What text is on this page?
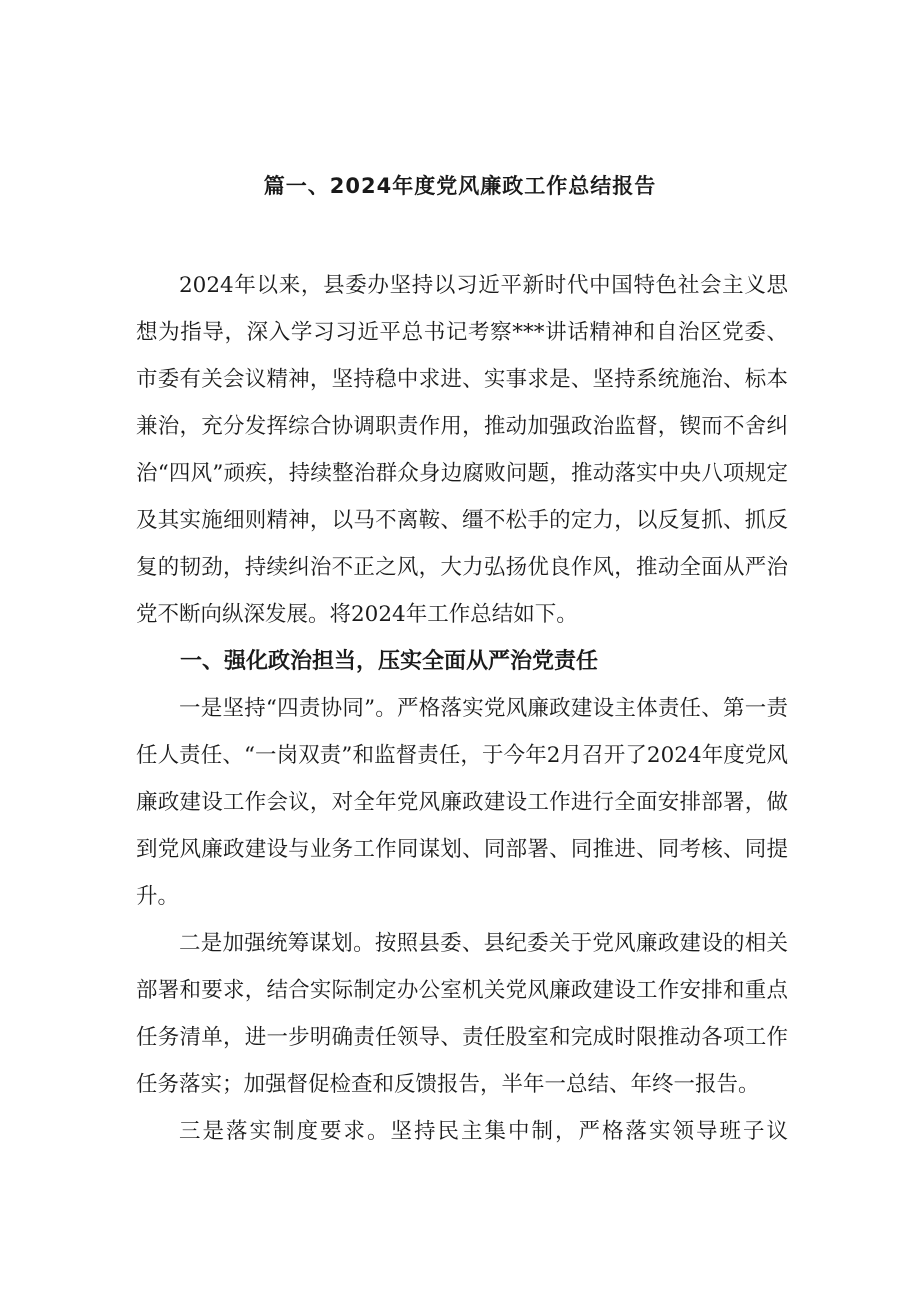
篇一、2024年度党风廉政工作总结报告

2024年以来，县委办坚持以习近平新时代中国特色社会主义思想为指导，深入学习习近平总书记考察***讲话精神和自治区党委、市委有关会议精神，坚持稳中求进、实事求是、坚持系统施治、标本兼治，充分发挥综合协调职责作用，推动加强政治监督，锲而不舍纠治“四风”顽疾，持续整治群众身边腐败问题，推动落实中央八项规定及其实施细则精神，以马不离鞍、缰不松手的定力，以反复抓、抓反复的韧劲，持续纠治不正之风，大力弘扬优良作风，推动全面从严治党不断向纵深发展。将2024年工作总结如下。

一、强化政治担当，压实全面从严治党责任

一是坚持“四责协同”。严格落实党风廉政建设主体责任、第一责任人责任、“一岗双责”和监督责任，于今年2月召开了2024年度党风廉政建设工作会议，对全年党风廉政建设工作进行全面安排部署，做到党风廉政建设与业务工作同谋划、同部署、同推进、同考核、同提升。

二是加强统筹谋划。按照县委、县纪委关于党风廉政建设的相关部署和要求，结合实际制定办公室机关党风廉政建设工作安排和重点任务清单，进一步明确责任领导、责任股室和完成时限推动各项工作任务落实；加强督促检查和反馈报告，半年一总结、年终一报告。

三是落实制度要求。坚持民主集中制，严格落实领导班子议
